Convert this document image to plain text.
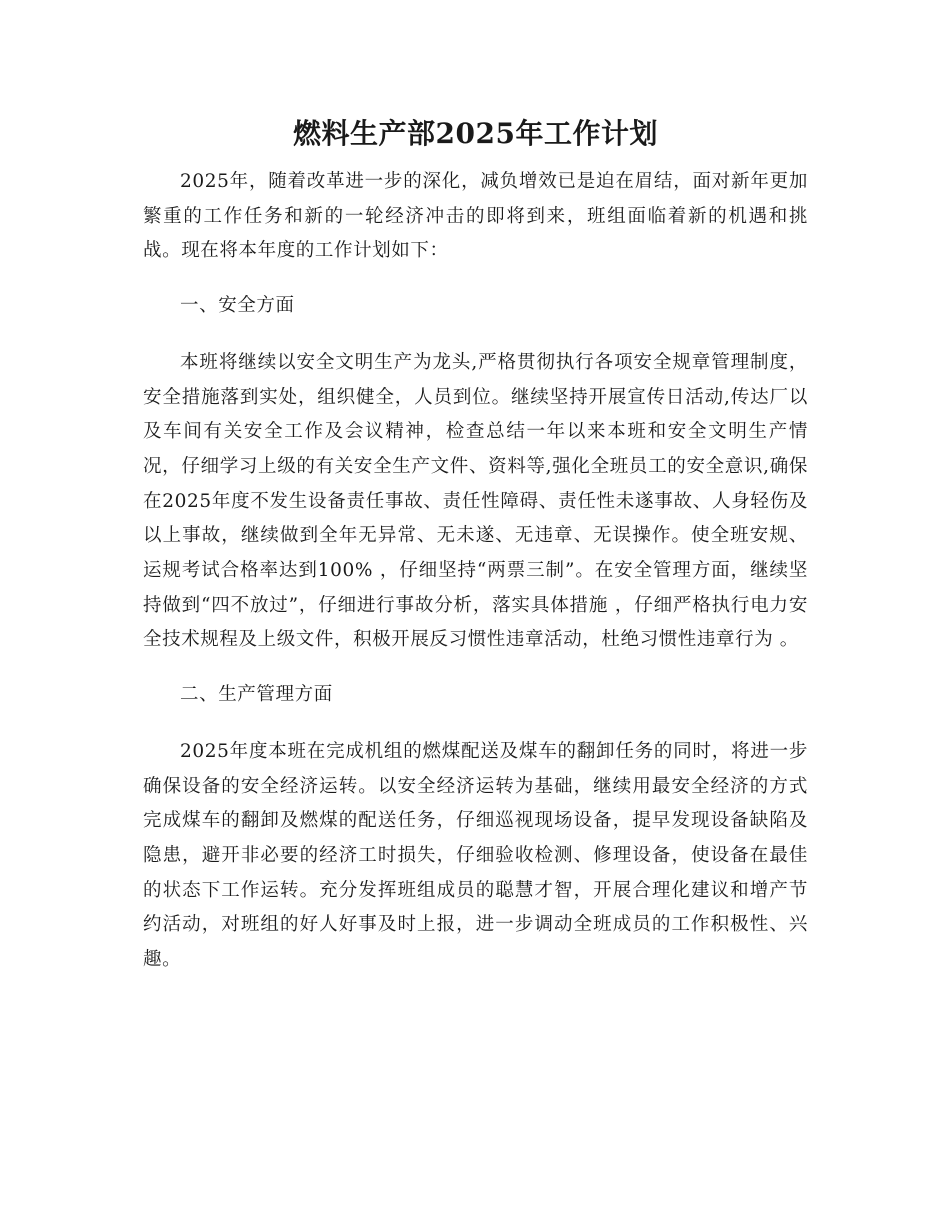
燃料生产部2025年工作计划

2025年，随着改革进一步的深化，减负增效已是迫在眉结，面对新年更加繁重的工作任务和新的一轮经济冲击的即将到来，班组面临着新的机遇和挑战。现在将本年度的工作计划如下：

一、安全方面

本班将继续以安全文明生产为龙头,严格贯彻执行各项安全规章管理制度，安全措施落到实处，组织健全，人员到位。继续坚持开展宣传日活动,传达厂以及车间有关安全工作及会议精神，检查总结一年以来本班和安全文明生产情况，仔细学习上级的有关安全生产文件、资料等,强化全班员工的安全意识,确保在2025年度不发生设备责任事故、责任性障碍、责任性未遂事故、人身轻伤及以上事故，继续做到全年无异常、无未遂、无违章、无误操作。使全班安规、运规考试合格率达到100% ，仔细坚持“两票三制”。在安全管理方面，继续坚持做到“四不放过”，仔细进行事故分析，落实具体措施 ，仔细严格执行电力安全技术规程及上级文件，积极开展反习惯性违章活动，杜绝习惯性违章行为 。

二、生产管理方面

2025年度本班在完成机组的燃煤配送及煤车的翻卸任务的同时，将进一步确保设备的安全经济运转。以安全经济运转为基础，继续用最安全经济的方式完成煤车的翻卸及燃煤的配送任务，仔细巡视现场设备，提早发现设备缺陷及隐患，避开非必要的经济工时损失，仔细验收检测、修理设备，使设备在最佳的状态下工作运转。充分发挥班组成员的聪慧才智，开展合理化建议和增产节约活动，对班组的好人好事及时上报，进一步调动全班成员的工作积极性、兴趣。
